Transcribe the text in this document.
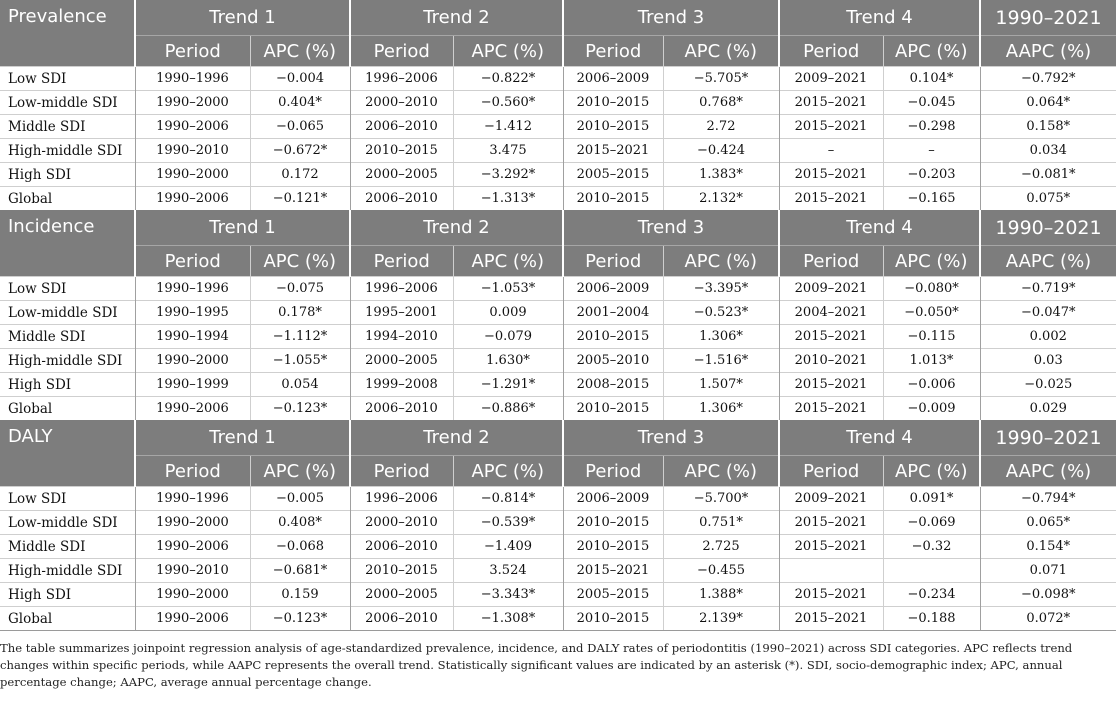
Prevalence	Trend 1		Trend 2		Trend 3		Trend 4		1990–2021
	Period	APC (%)	Period	APC (%)	Period	APC (%)	Period	APC (%)	AAPC (%)
Low SDI	1990–1996	−0.004	1996–2006	−0.822*	2006–2009	−5.705*	2009–2021	0.104*	−0.792*
Low-middle SDI	1990–2000	0.404*	2000–2010	−0.560*	2010–2015	0.768*	2015–2021	−0.045	0.064*
Middle SDI	1990–2006	−0.065	2006–2010	−1.412	2010–2015	2.72	2015–2021	−0.298	0.158*
High-middle SDI	1990–2010	−0.672*	2010–2015	3.475	2015–2021	−0.424	–	–	0.034
High SDI	1990–2000	0.172	2000–2005	−3.292*	2005–2015	1.383*	2015–2021	−0.203	−0.081*
Global	1990–2006	−0.121*	2006–2010	−1.313*	2010–2015	2.132*	2015–2021	−0.165	0.075*
Incidence	Trend 1		Trend 2		Trend 3		Trend 4		1990–2021
	Period	APC (%)	Period	APC (%)	Period	APC (%)	Period	APC (%)	AAPC (%)
Low SDI	1990–1996	−0.075	1996–2006	−1.053*	2006–2009	−3.395*	2009–2021	−0.080*	−0.719*
Low-middle SDI	1990–1995	0.178*	1995–2001	0.009	2001–2004	−0.523*	2004–2021	−0.050*	−0.047*
Middle SDI	1990–1994	−1.112*	1994–2010	−0.079	2010–2015	1.306*	2015–2021	−0.115	0.002
High-middle SDI	1990–2000	−1.055*	2000–2005	1.630*	2005–2010	−1.516*	2010–2021	1.013*	0.03
High SDI	1990–1999	0.054	1999–2008	−1.291*	2008–2015	1.507*	2015–2021	−0.006	−0.025
Global	1990–2006	−0.123*	2006–2010	−0.886*	2010–2015	1.306*	2015–2021	−0.009	0.029
DALY	Trend 1		Trend 2		Trend 3		Trend 4		1990–2021
	Period	APC (%)	Period	APC (%)	Period	APC (%)	Period	APC (%)	AAPC (%)
Low SDI	1990–1996	−0.005	1996–2006	−0.814*	2006–2009	−5.700*	2009–2021	0.091*	−0.794*
Low-middle SDI	1990–2000	0.408*	2000–2010	−0.539*	2010–2015	0.751*	2015–2021	−0.069	0.065*
Middle SDI	1990–2006	−0.068	2006–2010	−1.409	2010–2015	2.725	2015–2021	−0.32	0.154*
High-middle SDI	1990–2010	−0.681*	2010–2015	3.524	2015–2021	−0.455			0.071
High SDI	1990–2000	0.159	2000–2005	−3.343*	2005–2015	1.388*	2015–2021	−0.234	−0.098*
Global	1990–2006	−0.123*	2006–2010	−1.308*	2010–2015	2.139*	2015–2021	−0.188	0.072*
The table summarizes joinpoint regression analysis of age-standardized prevalence, incidence, and DALY rates of periodontitis (1990–2021) across SDI categories. APC reflects trend changes within specific periods, while AAPC represents the overall trend. Statistically significant values are indicated by an asterisk (*). SDI, socio-demographic index; APC, annual percentage change; AAPC, average annual percentage change.
